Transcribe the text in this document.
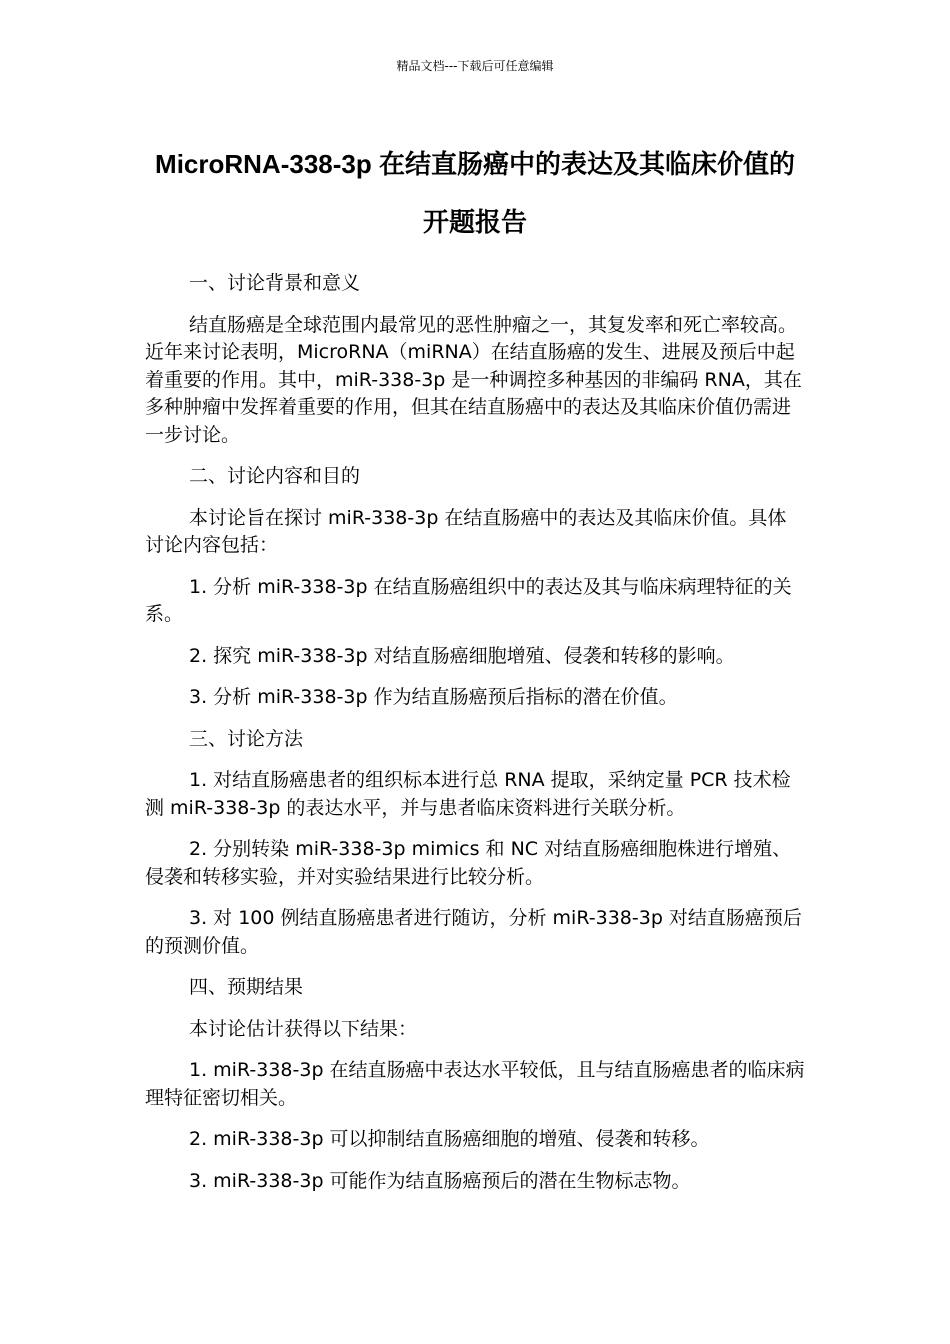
精品文档---下载后可任意编辑
MicroRNA-338-3p 在结直肠癌中的表达及其临床价值的开题报告

一、讨论背景和意义

结直肠癌是全球范围内最常见的恶性肿瘤之一，其复发率和死亡率较高。近年来讨论表明，MicroRNA（miRNA）在结直肠癌的发生、进展及预后中起着重要的作用。其中，miR-338-3p 是一种调控多种基因的非编码 RNA，其在多种肿瘤中发挥着重要的作用，但其在结直肠癌中的表达及其临床价值仍需进一步讨论。

二、讨论内容和目的

本讨论旨在探讨 miR-338-3p 在结直肠癌中的表达及其临床价值。具体讨论内容包括：

1. 分析 miR-338-3p 在结直肠癌组织中的表达及其与临床病理特征的关系。

2. 探究 miR-338-3p 对结直肠癌细胞增殖、侵袭和转移的影响。

3. 分析 miR-338-3p 作为结直肠癌预后指标的潜在价值。

三、讨论方法

1. 对结直肠癌患者的组织标本进行总 RNA 提取，采纳定量 PCR 技术检测 miR-338-3p 的表达水平，并与患者临床资料进行关联分析。

2. 分别转染 miR-338-3p mimics 和 NC 对结直肠癌细胞株进行增殖、侵袭和转移实验，并对实验结果进行比较分析。

3. 对 100 例结直肠癌患者进行随访，分析 miR-338-3p 对结直肠癌预后的预测价值。

四、预期结果

本讨论估计获得以下结果：

1. miR-338-3p 在结直肠癌中表达水平较低，且与结直肠癌患者的临床病理特征密切相关。

2. miR-338-3p 可以抑制结直肠癌细胞的增殖、侵袭和转移。

3. miR-338-3p 可能作为结直肠癌预后的潜在生物标志物。
